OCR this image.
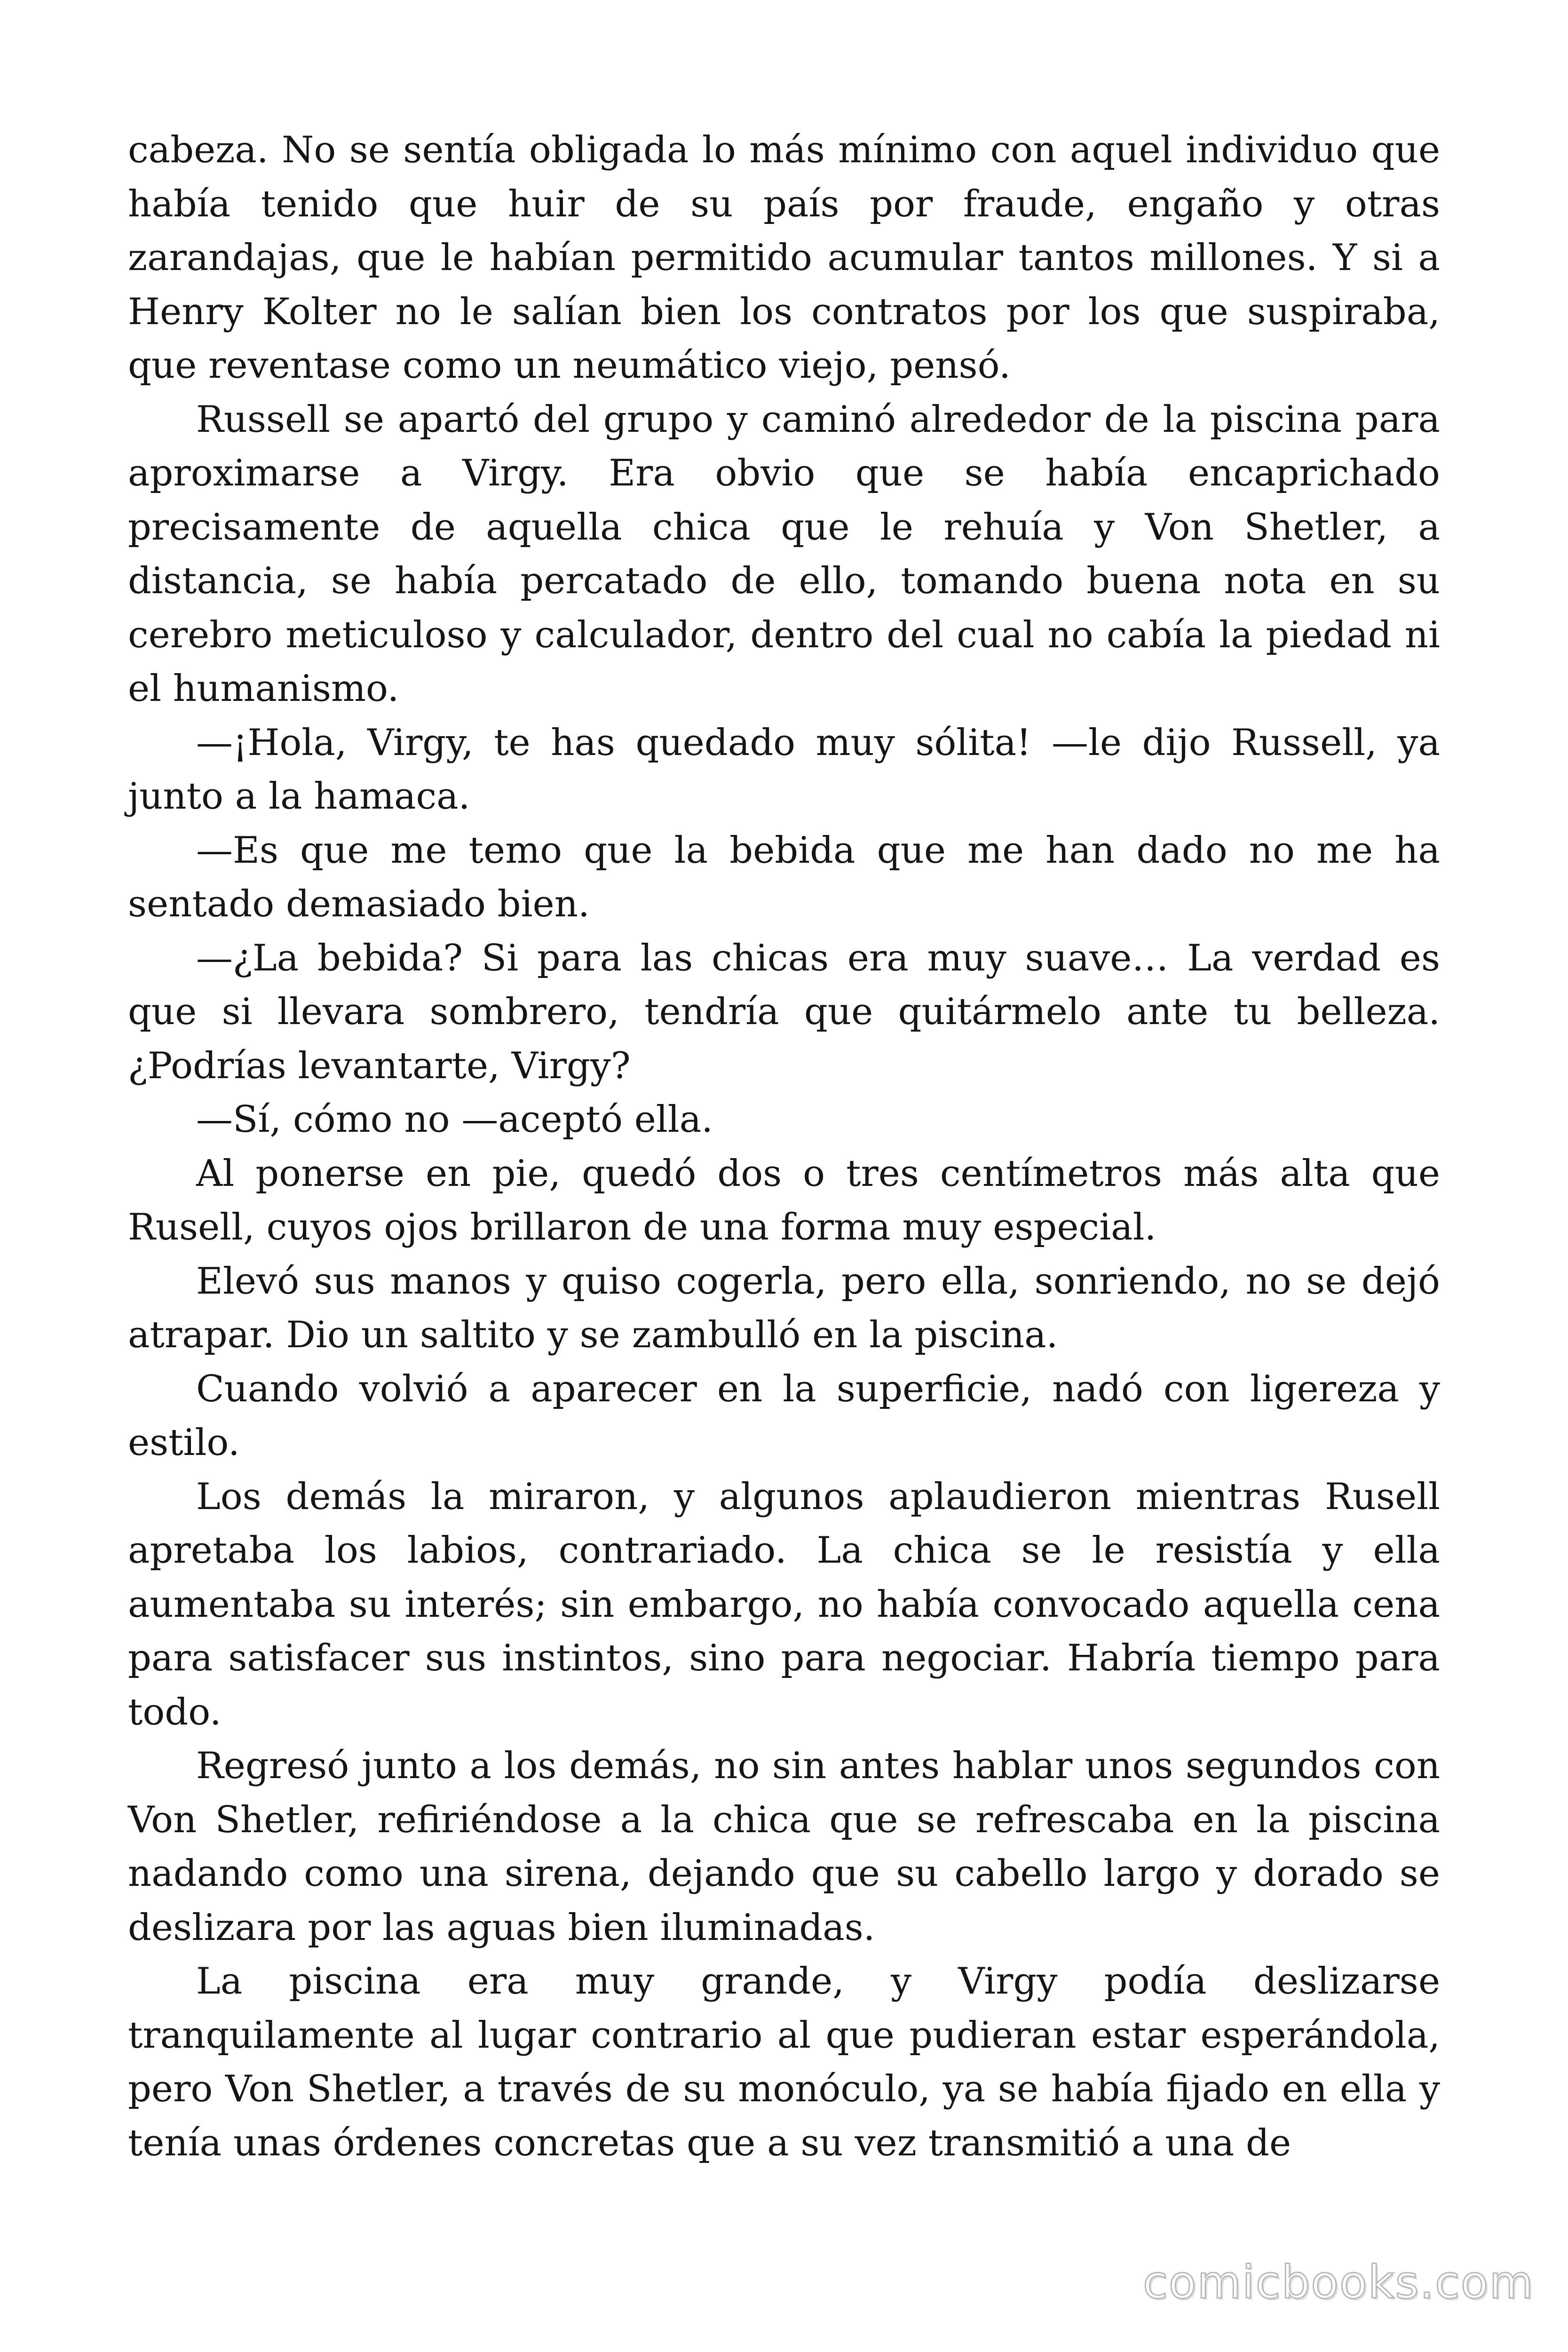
cabeza. No se sentía obligada lo más mínimo con aquel individuo que había tenido que huir de su país por fraude, engaño y otras zarandajas, que le habían permitido acumular tantos millones. Y si a Henry Kolter no le salían bien los contratos por los que suspiraba, que reventase como un neumático viejo, pensó.

Russell se apartó del grupo y caminó alrededor de la piscina para aproximarse a Virgy. Era obvio que se había encaprichado precisamente de aquella chica que le rehuía y Von Shetler, a distancia, se había percatado de ello, tomando buena nota en su cerebro meticuloso y calculador, dentro del cual no cabía la piedad ni el humanismo.

—¡Hola, Virgy, te has quedado muy sólita! —le dijo Russell, ya junto a la hamaca.

—Es que me temo que la bebida que me han dado no me ha sentado demasiado bien.

—¿La bebida? Si para las chicas era muy suave… La verdad es que si llevara sombrero, tendría que quitármelo ante tu belleza. ¿Podrías levantarte, Virgy?

—Sí, cómo no —aceptó ella.

Al ponerse en pie, quedó dos o tres centímetros más alta que Rusell, cuyos ojos brillaron de una forma muy especial.

Elevó sus manos y quiso cogerla, pero ella, sonriendo, no se dejó atrapar. Dio un saltito y se zambulló en la piscina.

Cuando volvió a aparecer en la superficie, nadó con ligereza y estilo.

Los demás la miraron, y algunos aplaudieron mientras Rusell apretaba los labios, contrariado. La chica se le resistía y ella aumentaba su interés; sin embargo, no había convocado aquella cena para satisfacer sus instintos, sino para negociar. Habría tiempo para todo.

Regresó junto a los demás, no sin antes hablar unos segundos con Von Shetler, refiriéndose a la chica que se refrescaba en la piscina nadando como una sirena, dejando que su cabello largo y dorado se deslizara por las aguas bien iluminadas.

La piscina era muy grande, y Virgy podía deslizarse tranquilamente al lugar contrario al que pudieran estar esperándola, pero Von Shetler, a través de su monóculo, ya se había fijado en ella y tenía unas órdenes concretas que a su vez transmitió a una de

comicbooks.com
